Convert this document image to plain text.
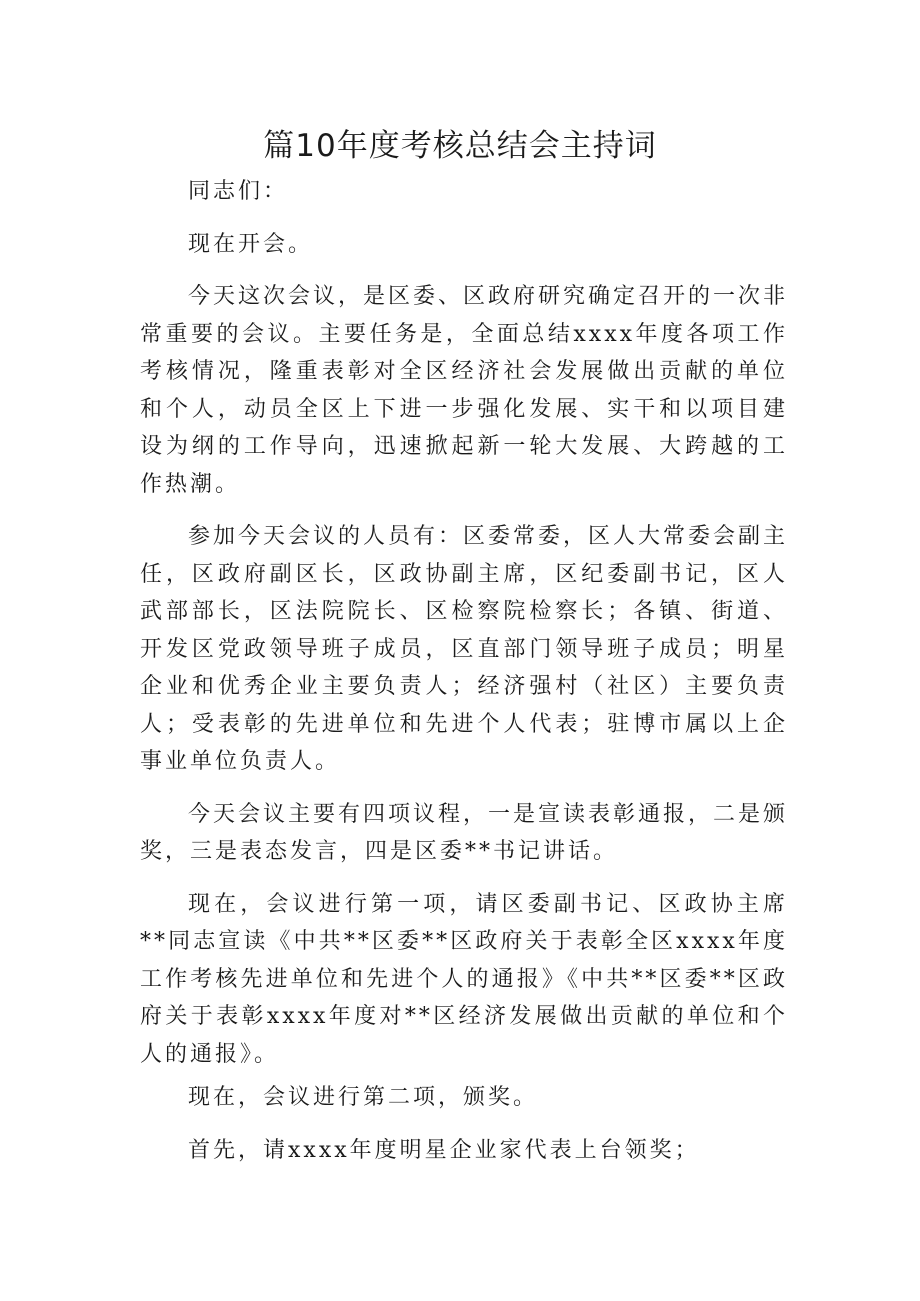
篇10年度考核总结会主持词

同志们：

现在开会。

今天这次会议，是区委、区政府研究确定召开的一次非常重要的会议。主要任务是，全面总结xxxx年度各项工作考核情况，隆重表彰对全区经济社会发展做出贡献的单位和个人，动员全区上下进一步强化发展、实干和以项目建设为纲的工作导向，迅速掀起新一轮大发展、大跨越的工作热潮。

参加今天会议的人员有：区委常委，区人大常委会副主任，区政府副区长，区政协副主席，区纪委副书记，区人武部部长，区法院院长、区检察院检察长；各镇、街道、开发区党政领导班子成员，区直部门领导班子成员；明星企业和优秀企业主要负责人；经济强村（社区）主要负责人；受表彰的先进单位和先进个人代表；驻博市属以上企事业单位负责人。

今天会议主要有四项议程，一是宣读表彰通报，二是颁奖，三是表态发言，四是区委**书记讲话。

现在，会议进行第一项，请区委副书记、区政协主席**同志宣读《中共**区委**区政府关于表彰全区xxxx年度工作考核先进单位和先进个人的通报》《中共**区委**区政府关于表彰xxxx年度对**区经济发展做出贡献的单位和个人的通报》。

现在，会议进行第二项，颁奖。

首先，请xxxx年度明星企业家代表上台领奖；
